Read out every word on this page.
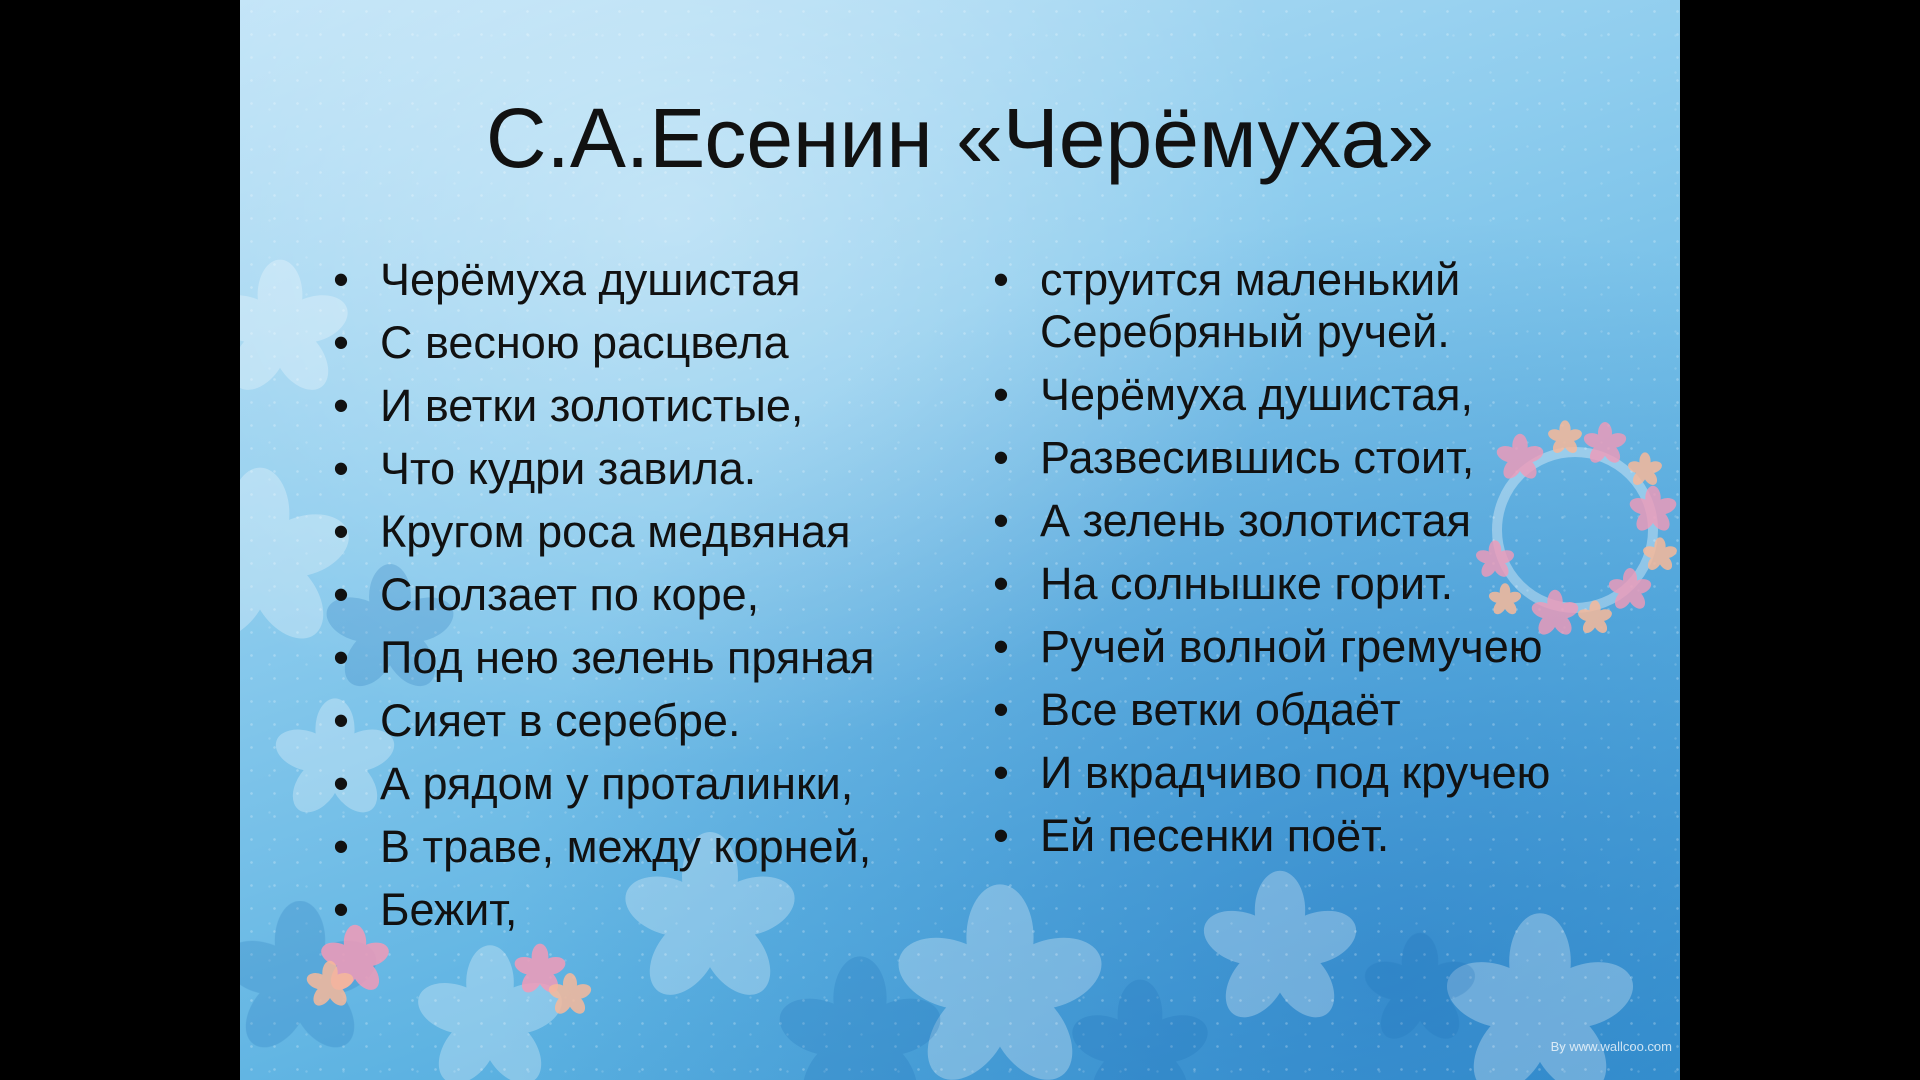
С.А.Есенин «Черёмуха»
• Черёмуха душистая
• С весною расцвела
• И ветки золотистые,
• Что кудри завила.
• Кругом роса медвяная
• Сползает по коре,
• Под нею зелень пряная
• Сияет в серебре.
• А рядом у проталинки,
• В траве, между корней,
• Бежит,
• струится маленький Серебряный ручей.
• Черёмуха душистая,
• Развесившись стоит,
• А зелень золотистая
• На солнышке горит.
• Ручей волной гремучею
• Все ветки обдаёт
• И вкрадчиво под кручею
• Ей песенки поёт.
By www.wallcoo.com
